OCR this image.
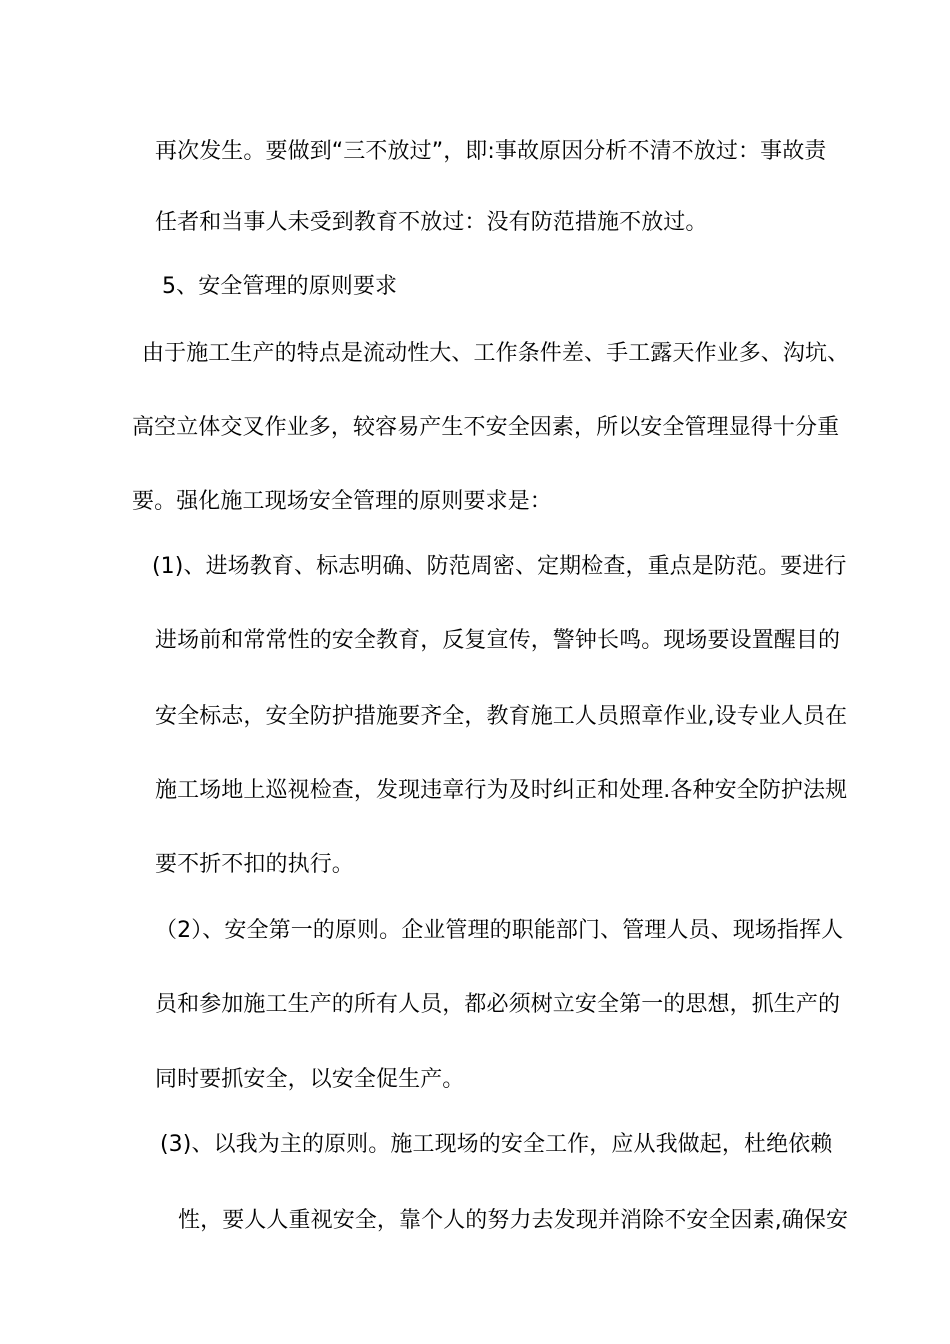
再次发生。要做到“三不放过”，即:事故原因分析不清不放过：事故责
任者和当事人未受到教育不放过：没有防范措施不放过。
5、安全管理的原则要求
由于施工生产的特点是流动性大、工作条件差、手工露天作业多、沟坑、
高空立体交叉作业多，较容易产生不安全因素，所以安全管理显得十分重
要。强化施工现场安全管理的原则要求是：
(1)、进场教育、标志明确、防范周密、定期检查，重点是防范。要进行
进场前和常常性的安全教育，反复宣传，警钟长鸣。现场要设置醒目的
安全标志，安全防护措施要齐全，教育施工人员照章作业,设专业人员在
施工场地上巡视检查，发现违章行为及时纠正和处理.各种安全防护法规
要不折不扣的执行。
（2）、安全第一的原则。企业管理的职能部门、管理人员、现场指挥人
员和参加施工生产的所有人员，都必须树立安全第一的思想，抓生产的
同时要抓安全，以安全促生产。
(3)、以我为主的原则。施工现场的安全工作，应从我做起，杜绝依赖
性，要人人重视安全，靠个人的努力去发现并消除不安全因素,确保安
